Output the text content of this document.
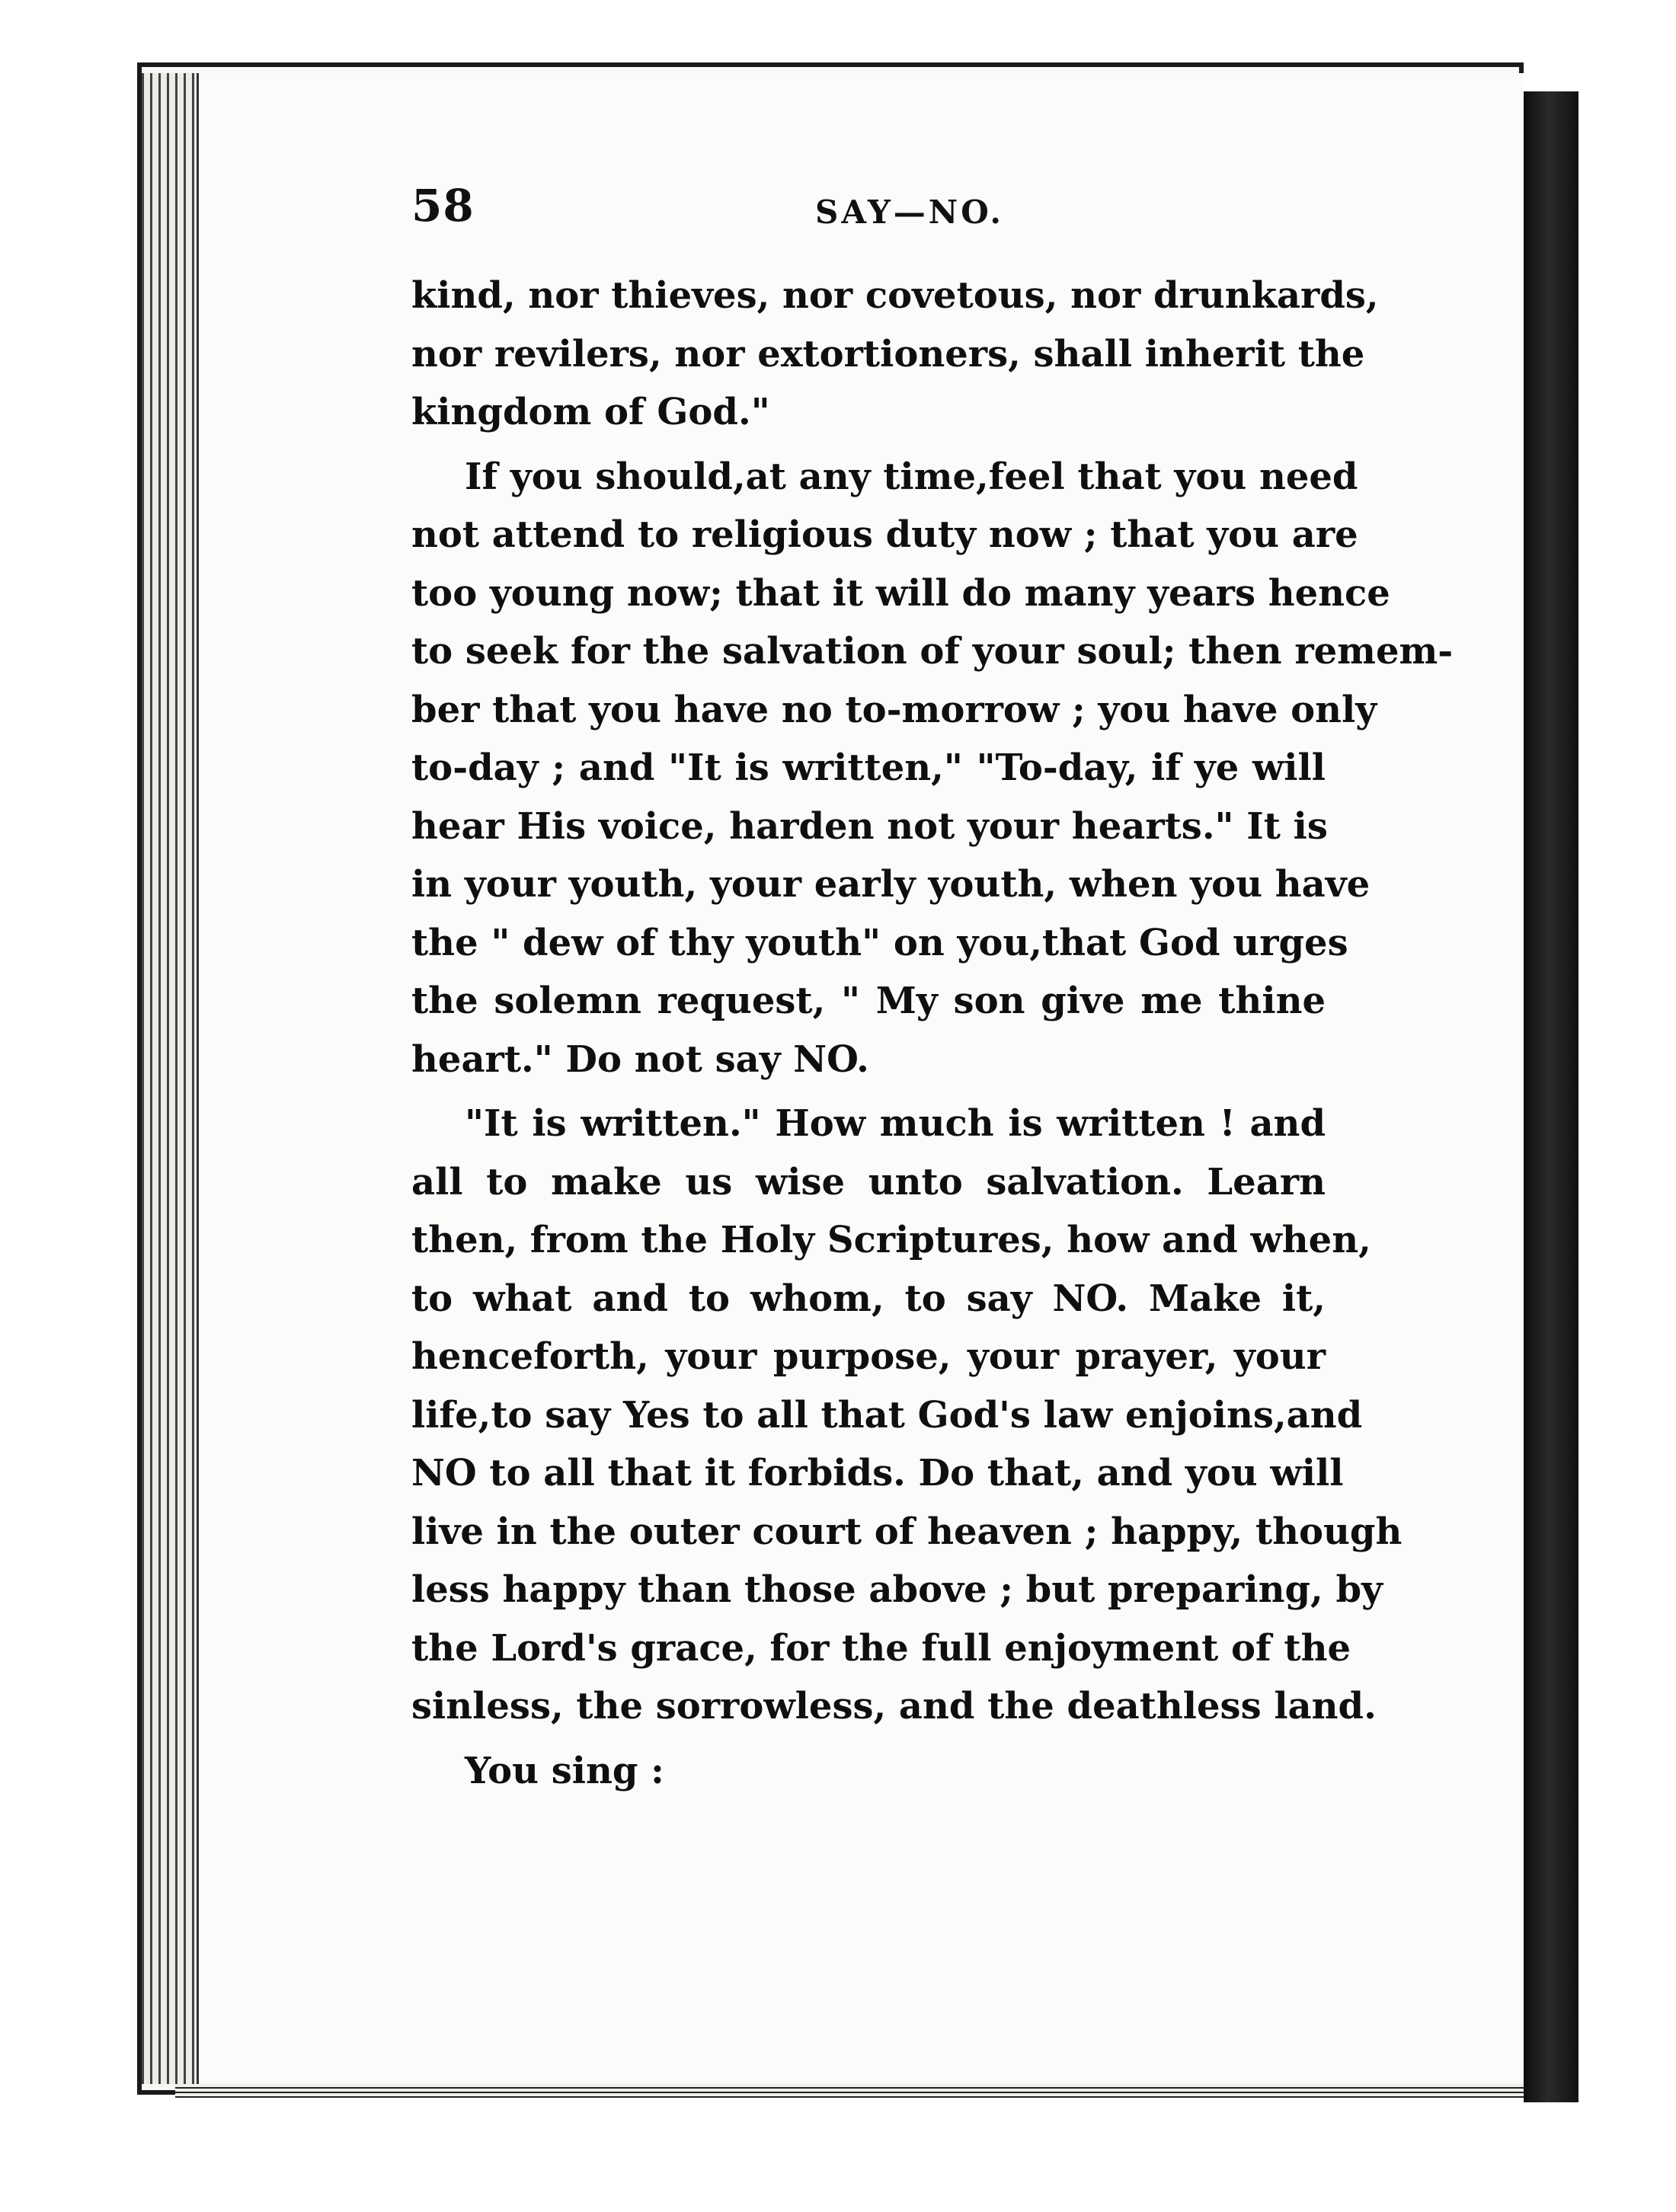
58	SAY—NO.
kind, nor thieves, nor covetous, nor drunkards,
nor revilers, nor extortioners, shall inherit the
kingdom of God."
If you should,at any time,feel that you need
not attend to religious duty now ; that you are
too young now; that it will do many years hence
to seek for the salvation of your soul; then remem-
ber that you have no to-morrow ; you have only
to-day ; and "It is written," "To-day, if ye will
hear His voice, harden not your hearts." It is
in your youth, your early youth, when you have
the " dew of thy youth" on you,that God urges
the solemn request, " My son give me thine
heart." Do not say NO.
"It is written." How much is written ! and
all to make us wise unto salvation. Learn
then, from the Holy Scriptures, how and when,
to what and to whom, to say NO. Make it,
henceforth, your purpose, your prayer, your
life,to say Yes to all that God's law enjoins,and
NO to all that it forbids. Do that, and you will
live in the outer court of heaven ; happy, though
less happy than those above ; but preparing, by
the Lord's grace, for the full enjoyment of the
sinless, the sorrowless, and the deathless land.
You sing :
